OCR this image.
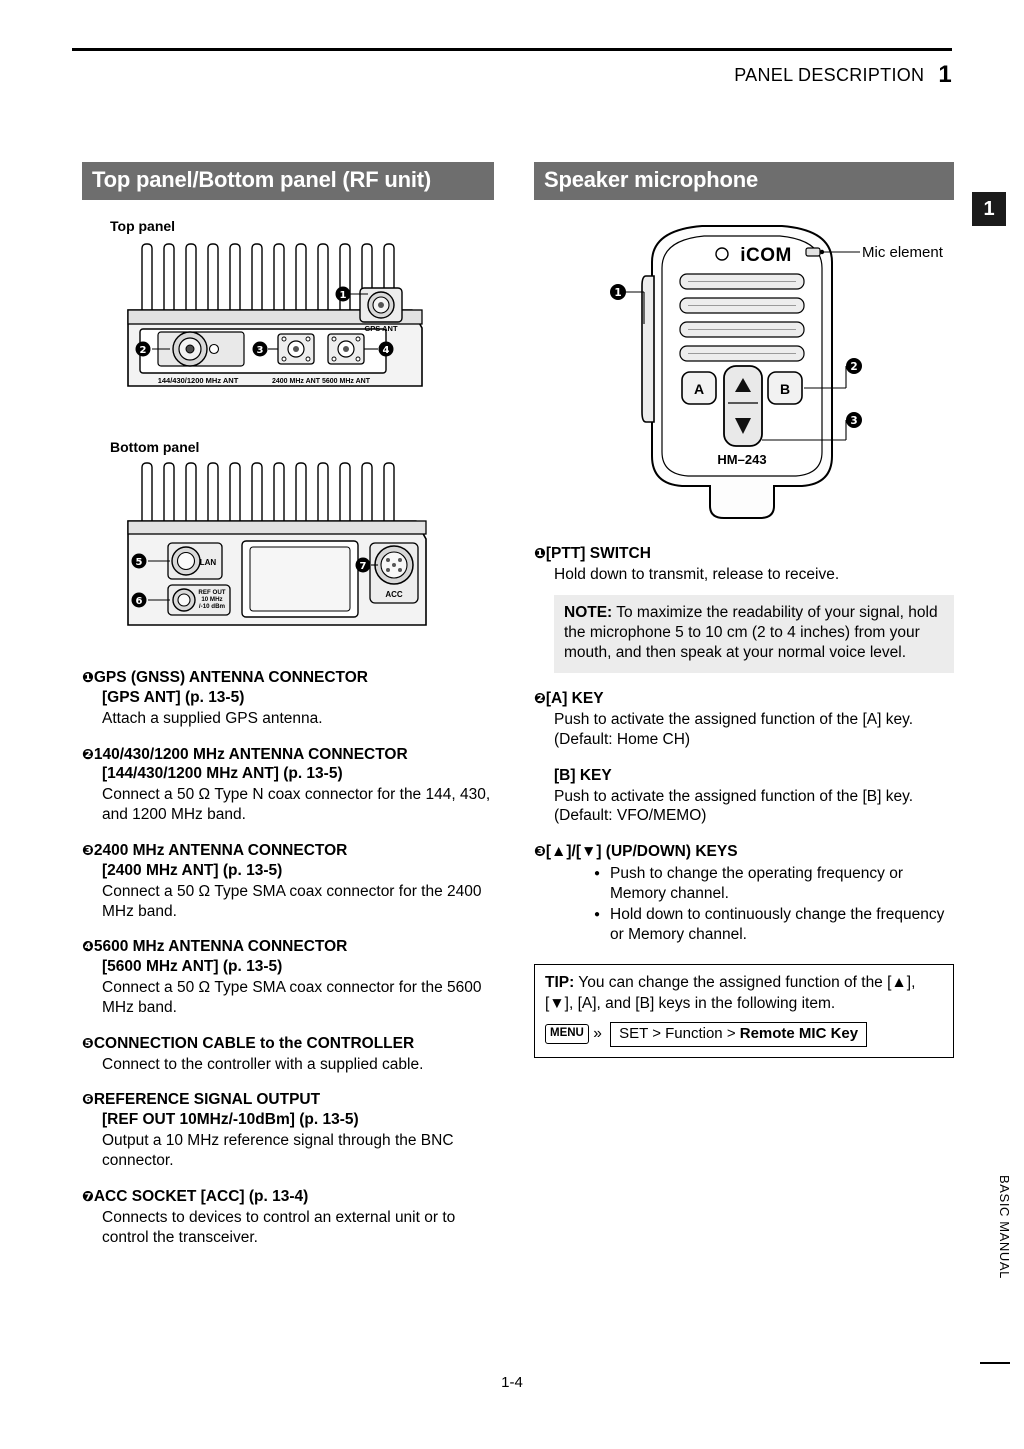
PANEL DESCRIPTION 1
1
BASIC MANUAL
Top panel/Bottom panel (RF unit)
Top panel
1
2	3	4
GPS ANT
144/430/1200 MHz ANT	2400 MHz ANT 5600 MHz ANT
Bottom panel
LAN
REF OUT
10 MHz
/-10 dBm
ACC
5
6
7
❶GPS (GNSS) ANTENNA CONNECTOR
[GPS ANT] (p. 13-5)
Attach a supplied GPS antenna.
❷140/430/1200 MHz ANTENNA CONNECTOR
[144/430/1200 MHz ANT] (p. 13-5)
Connect a 50 Ω Type N coax connector for the 144, 430, and 1200 MHz band.
❸2400 MHz ANTENNA CONNECTOR
[2400 MHz ANT] (p. 13-5)
Connect a 50 Ω Type SMA coax connector for the 2400 MHz band.
❹5600 MHz ANTENNA CONNECTOR
[5600 MHz ANT] (p. 13-5)
Connect a 50 Ω Type SMA coax connector for the 5600 MHz band.
❺CONNECTION CABLE to the CONTROLLER
Connect to the controller with a supplied cable.
❻REFERENCE SIGNAL OUTPUT
[REF OUT 10MHz/-10dBm] (p. 13-5)
Output a 10 MHz reference signal through the BNC connector.
❼ACC SOCKET [ACC] (p. 13-4)
Connects to devices to control an external unit or to control the transceiver.
Speaker microphone
iCOM
A	B
HM–243
1
2
3
Mic element
❶[PTT] SWITCH
Hold down to transmit, release to receive.
NOTE: To maximize the readability of your signal, hold the microphone 5 to 10 cm (2 to 4 inches) from your mouth, and then speak at your normal voice level.
❷[A] KEY
Push to activate the assigned function of the [A] key. (Default: Home CH)
[B] KEY
Push to activate the assigned function of the [B] key. (Default: VFO/MEMO)
❸[▲]/[▼] (UP/DOWN) KEYS
● Push to change the operating frequency or Memory channel.
● Hold down to continuously change the frequency or Memory channel.
TIP: You can change the assigned function of the [▲], [▼], [A], and [B] keys in the following item.
MENU » SET > Function > Remote MIC Key
1-4
